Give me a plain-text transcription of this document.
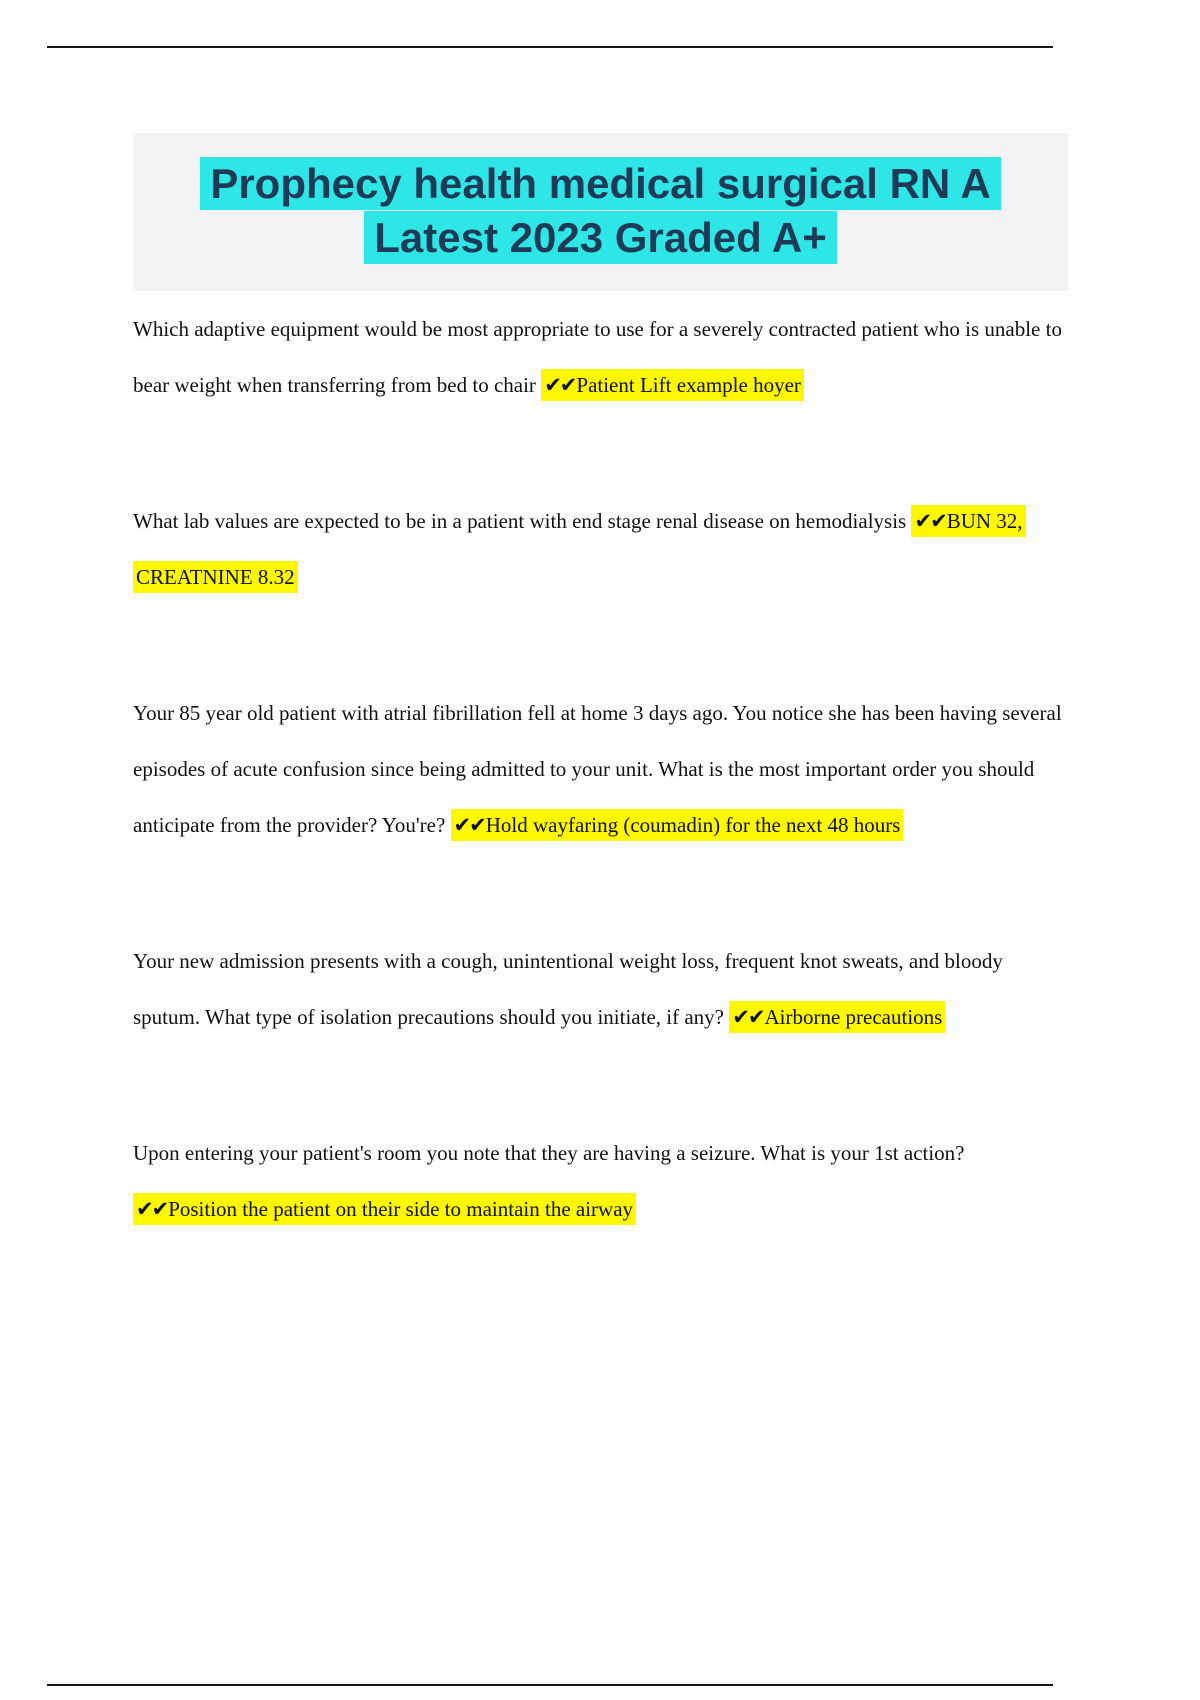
Prophecy health medical surgical RN A
Latest 2023 Graded A+

Which adaptive equipment would be most appropriate to use for a severely contracted patient who is unable to bear weight when transferring from bed to chair ✔✔Patient Lift example hoyer

What lab values are expected to be in a patient with end stage renal disease on hemodialysis ✔✔BUN 32, CREATNINE 8.32

Your 85 year old patient with atrial fibrillation fell at home 3 days ago. You notice she has been having several episodes of acute confusion since being admitted to your unit. What is the most important order you should anticipate from the provider? You're? ✔✔Hold wayfaring (coumadin) for the next 48 hours

Your new admission presents with a cough, unintentional weight loss, frequent knot sweats, and bloody sputum. What type of isolation precautions should you initiate, if any? ✔✔Airborne precautions

Upon entering your patient's room you note that they are having a seizure. What is your 1st action? ✔✔Position the patient on their side to maintain the airway
